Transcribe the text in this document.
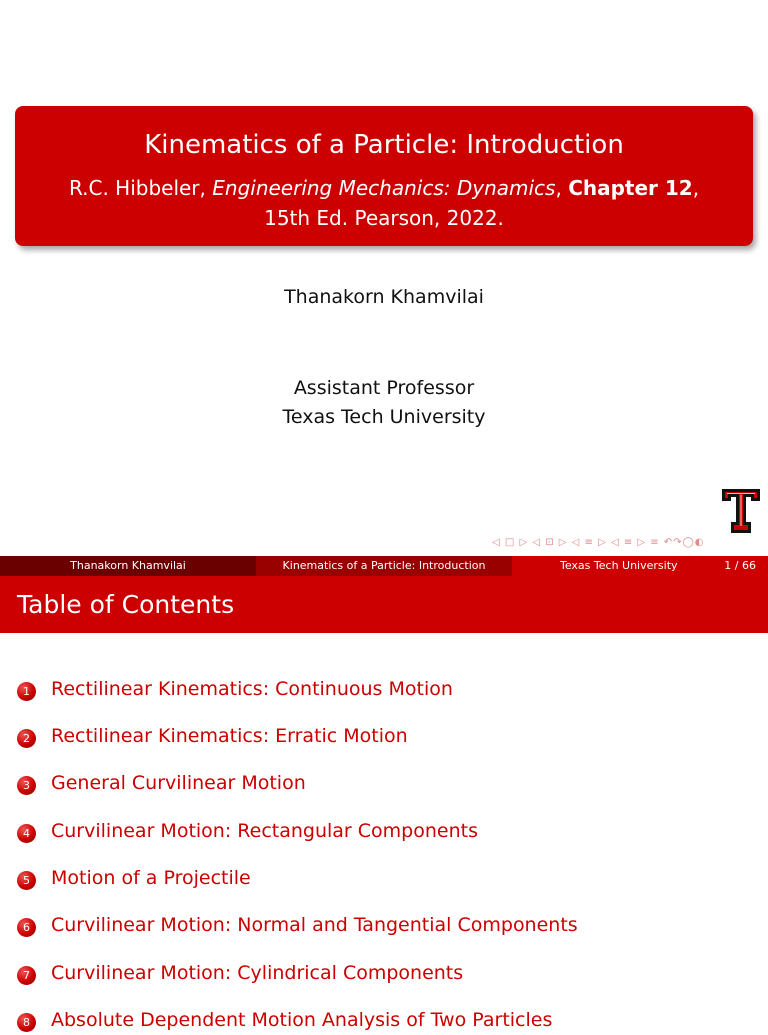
Kinematics of a Particle: Introduction
R.C. Hibbeler, Engineering Mechanics: Dynamics, Chapter 12, 15th Ed. Pearson, 2022.
Thanakorn Khamvilai
Assistant Professor
Texas Tech University
◁ □ ▷ ◁ ⊡ ▷ ◁ ≡ ▷ ◁ ≡ ▷ ≡ ↶↷◯◐
Thanakorn Khamvilai	Kinematics of a Particle: Introduction	Texas Tech University	1 / 66
Table of Contents
1	Rectilinear Kinematics: Continuous Motion
2	Rectilinear Kinematics: Erratic Motion
3	General Curvilinear Motion
4	Curvilinear Motion: Rectangular Components
5	Motion of a Projectile
6	Curvilinear Motion: Normal and Tangential Components
7	Curvilinear Motion: Cylindrical Components
8	Absolute Dependent Motion Analysis of Two Particles
